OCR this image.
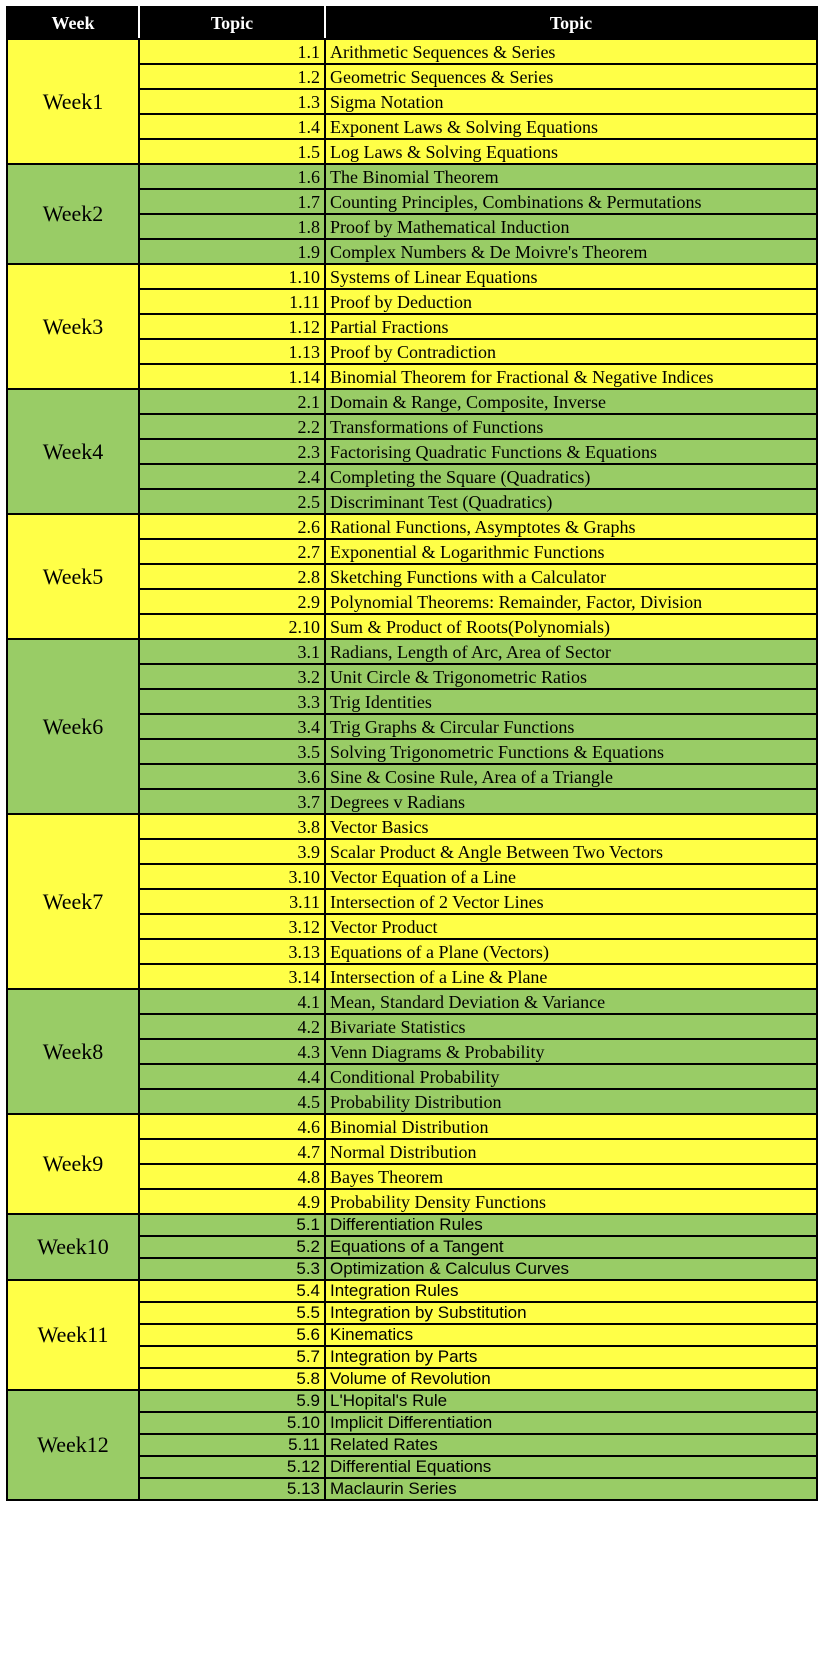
Week	Topic	Topic
Week1	1.1	Arithmetic Sequences & Series
	1.2	Geometric Sequences & Series
	1.3	Sigma Notation
	1.4	Exponent Laws & Solving Equations
	1.5	Log Laws & Solving Equations
Week2	1.6	The Binomial Theorem
	1.7	Counting Principles, Combinations & Permutations
	1.8	Proof by Mathematical Induction
	1.9	Complex Numbers & De Moivre's Theorem
Week3	1.10	Systems of Linear Equations
	1.11	Proof by Deduction
	1.12	Partial Fractions
	1.13	Proof by Contradiction
	1.14	Binomial Theorem for Fractional & Negative Indices
Week4	2.1	Domain & Range, Composite, Inverse
	2.2	Transformations of Functions
	2.3	Factorising Quadratic Functions & Equations
	2.4	Completing the Square (Quadratics)
	2.5	Discriminant Test (Quadratics)
Week5	2.6	Rational Functions, Asymptotes & Graphs
	2.7	Exponential & Logarithmic Functions
	2.8	Sketching Functions with a Calculator
	2.9	Polynomial Theorems: Remainder, Factor, Division
	2.10	Sum & Product of Roots(Polynomials)
Week6	3.1	Radians, Length of Arc, Area of Sector
	3.2	Unit Circle & Trigonometric Ratios
	3.3	Trig Identities
	3.4	Trig Graphs & Circular Functions
	3.5	Solving Trigonometric Functions & Equations
	3.6	Sine & Cosine Rule, Area of a Triangle
	3.7	Degrees v Radians
Week7	3.8	Vector Basics
	3.9	Scalar Product & Angle Between Two Vectors
	3.10	Vector Equation of a Line
	3.11	Intersection of 2 Vector Lines
	3.12	Vector Product
	3.13	Equations of a Plane (Vectors)
	3.14	Intersection of a Line & Plane
Week8	4.1	Mean, Standard Deviation & Variance
	4.2	Bivariate Statistics
	4.3	Venn Diagrams & Probability
	4.4	Conditional Probability
	4.5	Probability Distribution
Week9	4.6	Binomial Distribution
	4.7	Normal Distribution
	4.8	Bayes Theorem
	4.9	Probability Density Functions
Week10	5.1	Differentiation Rules
	5.2	Equations of a Tangent
	5.3	Optimization & Calculus Curves
Week11	5.4	Integration Rules
	5.5	Integration by Substitution
	5.6	Kinematics
	5.7	Integration by Parts
	5.8	Volume of Revolution
Week12	5.9	L'Hopital's Rule
	5.10	Implicit Differentiation
	5.11	Related Rates
	5.12	Differential Equations
	5.13	Maclaurin Series
